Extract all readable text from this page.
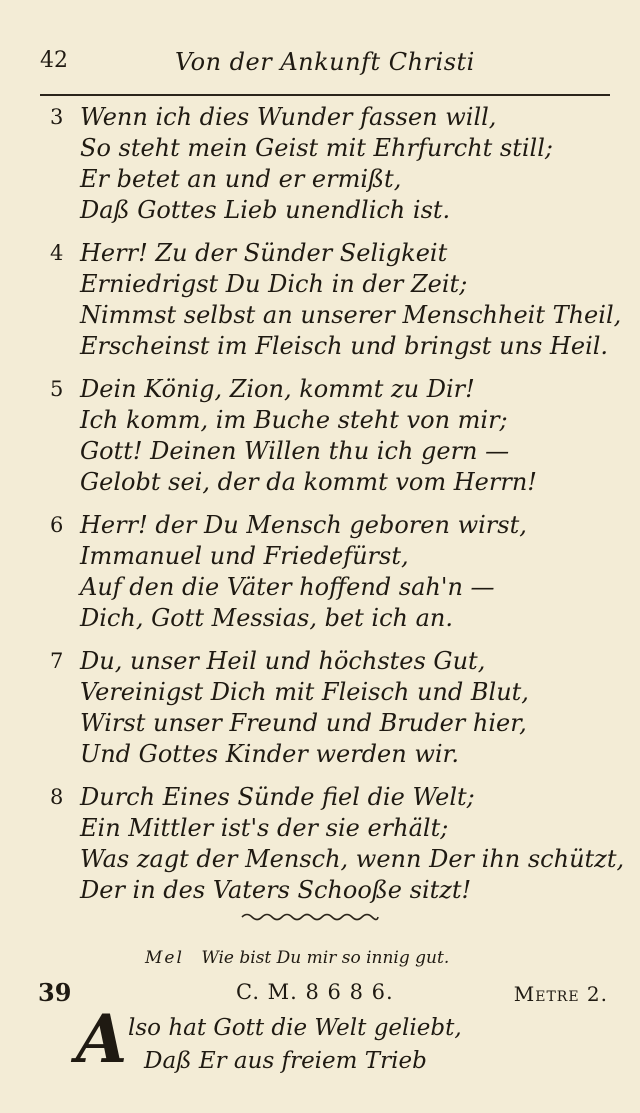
42	Von der Ankunft Christi
3 Wenn ich dies Wunder fassen will,
So steht mein Geist mit Ehrfurcht still;
Er betet an und er ermißt,
Daß Gottes Lieb unendlich ist.
4 Herr! Zu der Sünder Seligkeit
Erniedrigst Du Dich in der Zeit;
Nimmst selbst an unserer Menschheit Theil,
Erscheinst im Fleisch und bringst uns Heil.
5 Dein König, Zion, kommt zu Dir!
Ich komm, im Buche steht von mir;
Gott! Deinen Willen thu ich gern —
Gelobt sei, der da kommt vom Herrn!
6 Herr! der Du Mensch geboren wirst,
Immanuel und Friedefürst,
Auf den die Väter hoffend sah'n —
Dich, Gott Messias, bet ich an.
7 Du, unser Heil und höchstes Gut,
Vereinigst Dich mit Fleisch und Blut,
Wirst unser Freund und Bruder hier,
Und Gottes Kinder werden wir.
8 Durch Eines Sünde fiel die Welt;
Ein Mittler ist's der sie erhält;
Was zagt der Mensch, wenn Der ihn schützt,
Der in des Vaters Schooße sitzt!
Mel Wie bist Du mir so innig gut.
39	C. M. 8 6 8 6.	Metre 2.
A lso hat Gott die Welt geliebt,
Daß Er aus freiem Trieb
